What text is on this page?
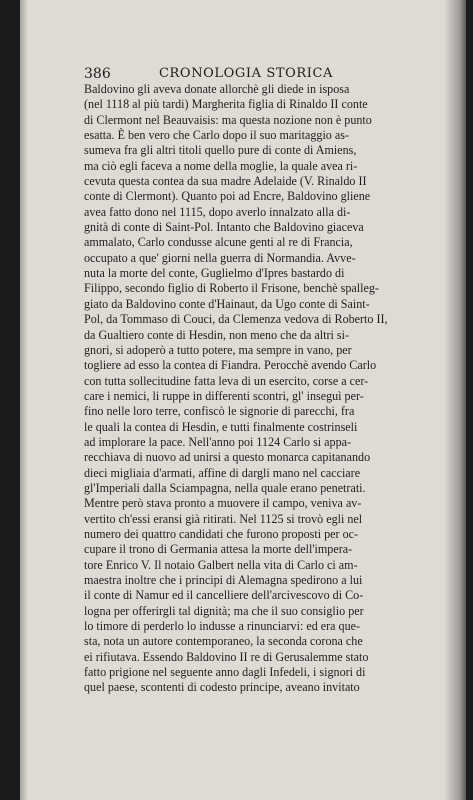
386	CRONOLOGIA STORICA
Baldovino gli aveva donate allorchè gli diede in isposa
(nel 1118 al più tardi) Margherita figlia di Rinaldo II conte
di Clermont nel Beauvaisis: ma questa nozione non è punto
esatta. È ben vero che Carlo dopo il suo maritaggio as-
sumeva fra gli altri titoli quello pure di conte di Amiens,
ma ciò egli faceva a nome della moglie, la quale avea ri-
cevuta questa contea da sua madre Adelaide (V. Rinaldo II
conte di Clermont). Quanto poi ad Encre, Baldovino gliene
avea fatto dono nel 1115, dopo averlo innalzato alla di-
gnità di conte di Saint-Pol. Intanto che Baldovino giaceva
ammalato, Carlo condusse alcune genti al re di Francia,
occupato a que' giorni nella guerra di Normandia. Avve-
nuta la morte del conte, Guglielmo d'Ipres bastardo di
Filippo, secondo figlio di Roberto il Frisone, benchè spalleg-
giato da Baldovino conte d'Hainaut, da Ugo conte di Saint-
Pol, da Tommaso di Couci, da Clemenza vedova di Roberto II,
da Gualtiero conte di Hesdin, non meno che da altri si-
gnori, si adoperò a tutto potere, ma sempre in vano, per
togliere ad esso la contea di Fiandra. Perocchè avendo Carlo
con tutta sollecitudine fatta leva di un esercito, corse a cer-
care i nemici, li ruppe in differenti scontri, gl' inseguì per-
fino nelle loro terre, confiscò le signorie di parecchi, fra
le quali la contea di Hesdin, e tutti finalmente costrinseli
ad implorare la pace. Nell'anno poi 1124 Carlo si appa-
recchiava di nuovo ad unirsi a questo monarca capitanando
dieci migliaia d'armati, affine di dargli mano nel cacciare
gl'Imperiali dalla Sciampagna, nella quale erano penetrati.
Mentre però stava pronto a muovere il campo, veniva av-
vertito ch'essi eransi già ritirati. Nel 1125 si trovò egli nel
numero dei quattro candidati che furono proposti per oc-
cupare il trono di Germania attesa la morte dell'impera-
tore Enrico V. Il notaio Galbert nella vita di Carlo ci am-
maestra inoltre che i principi di Alemagna spedirono a lui
il conte di Namur ed il cancelliere dell'arcivescovo di Co-
logna per offerirgli tal dignità; ma che il suo consiglio per
lo timore di perderlo lo indusse a rinunciarvi: ed era que-
sta, nota un autore contemporaneo, la seconda corona che
ei rifiutava. Essendo Baldovino II re di Gerusalemme stato
fatto prigione nel seguente anno dagli Infedeli, i signori di
quel paese, scontenti di codesto principe, aveano invitato
